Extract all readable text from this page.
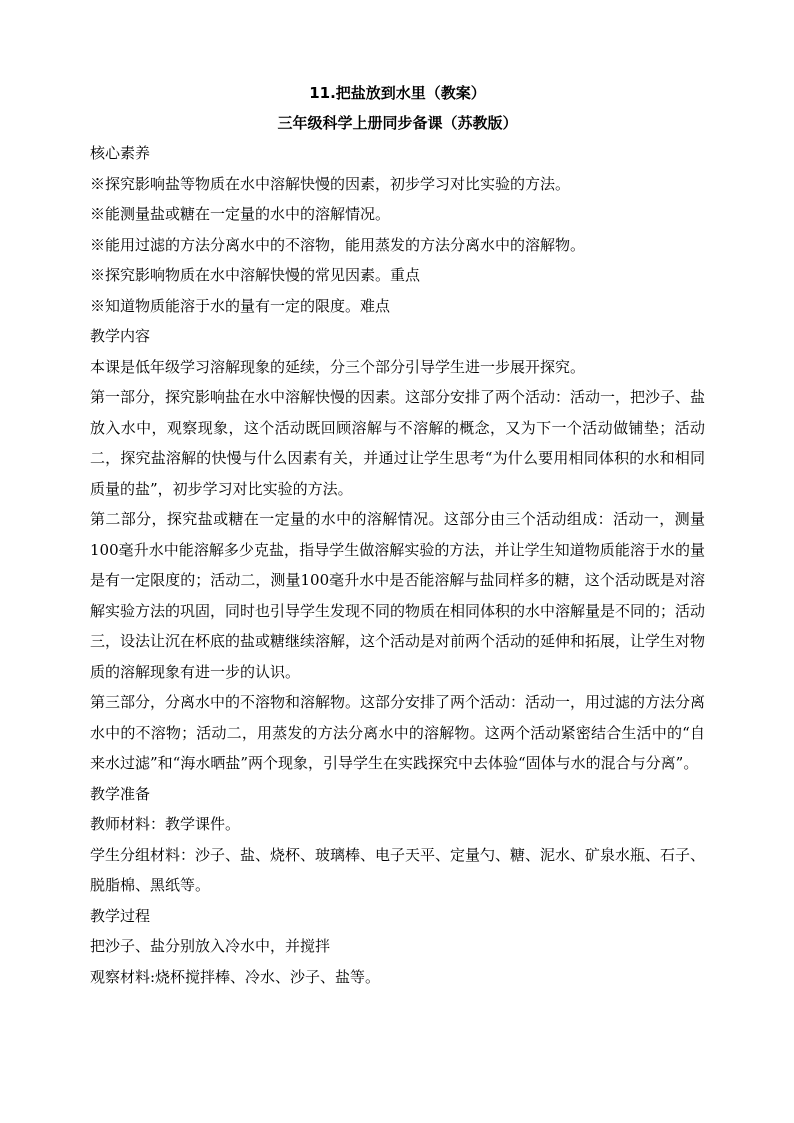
11.把盐放到水里（教案）
三年级科学上册同步备课（苏教版）

核心素养

※探究影响盐等物质在水中溶解快慢的因素，初步学习对比实验的方法。

※能测量盐或糖在一定量的水中的溶解情况。

※能用过滤的方法分离水中的不溶物，能用蒸发的方法分离水中的溶解物。

※探究影响物质在水中溶解快慢的常见因素。重点

※知道物质能溶于水的量有一定的限度。难点

教学内容

本课是低年级学习溶解现象的延续，分三个部分引导学生进一步展开探究。

第一部分，探究影响盐在水中溶解快慢的因素。这部分安排了两个活动：活动一，把沙子、盐放入水中，观察现象，这个活动既回顾溶解与不溶解的概念，又为下一个活动做铺垫；活动二，探究盐溶解的快慢与什么因素有关，并通过让学生思考“为什么要用相同体积的水和相同质量的盐”，初步学习对比实验的方法。

第二部分，探究盐或糖在一定量的水中的溶解情况。这部分由三个活动组成：活动一，测量100毫升水中能溶解多少克盐，指导学生做溶解实验的方法，并让学生知道物质能溶于水的量是有一定限度的；活动二，测量100毫升水中是否能溶解与盐同样多的糖，这个活动既是对溶解实验方法的巩固，同时也引导学生发现不同的物质在相同体积的水中溶解量是不同的；活动三，设法让沉在杯底的盐或糖继续溶解，这个活动是对前两个活动的延伸和拓展，让学生对物质的溶解现象有进一步的认识。

第三部分，分离水中的不溶物和溶解物。这部分安排了两个活动：活动一，用过滤的方法分离水中的不溶物；活动二，用蒸发的方法分离水中的溶解物。这两个活动紧密结合生活中的“自来水过滤”和“海水晒盐”两个现象，引导学生在实践探究中去体验“固体与水的混合与分离”。

教学准备

教师材料：教学课件。

学生分组材料：沙子、盐、烧杯、玻璃棒、电子天平、定量勺、糖、泥水、矿泉水瓶、石子、脱脂棉、黑纸等。

教学过程

把沙子、盐分别放入冷水中，并搅拌

观察材料:烧杯搅拌棒、冷水、沙子、盐等。
